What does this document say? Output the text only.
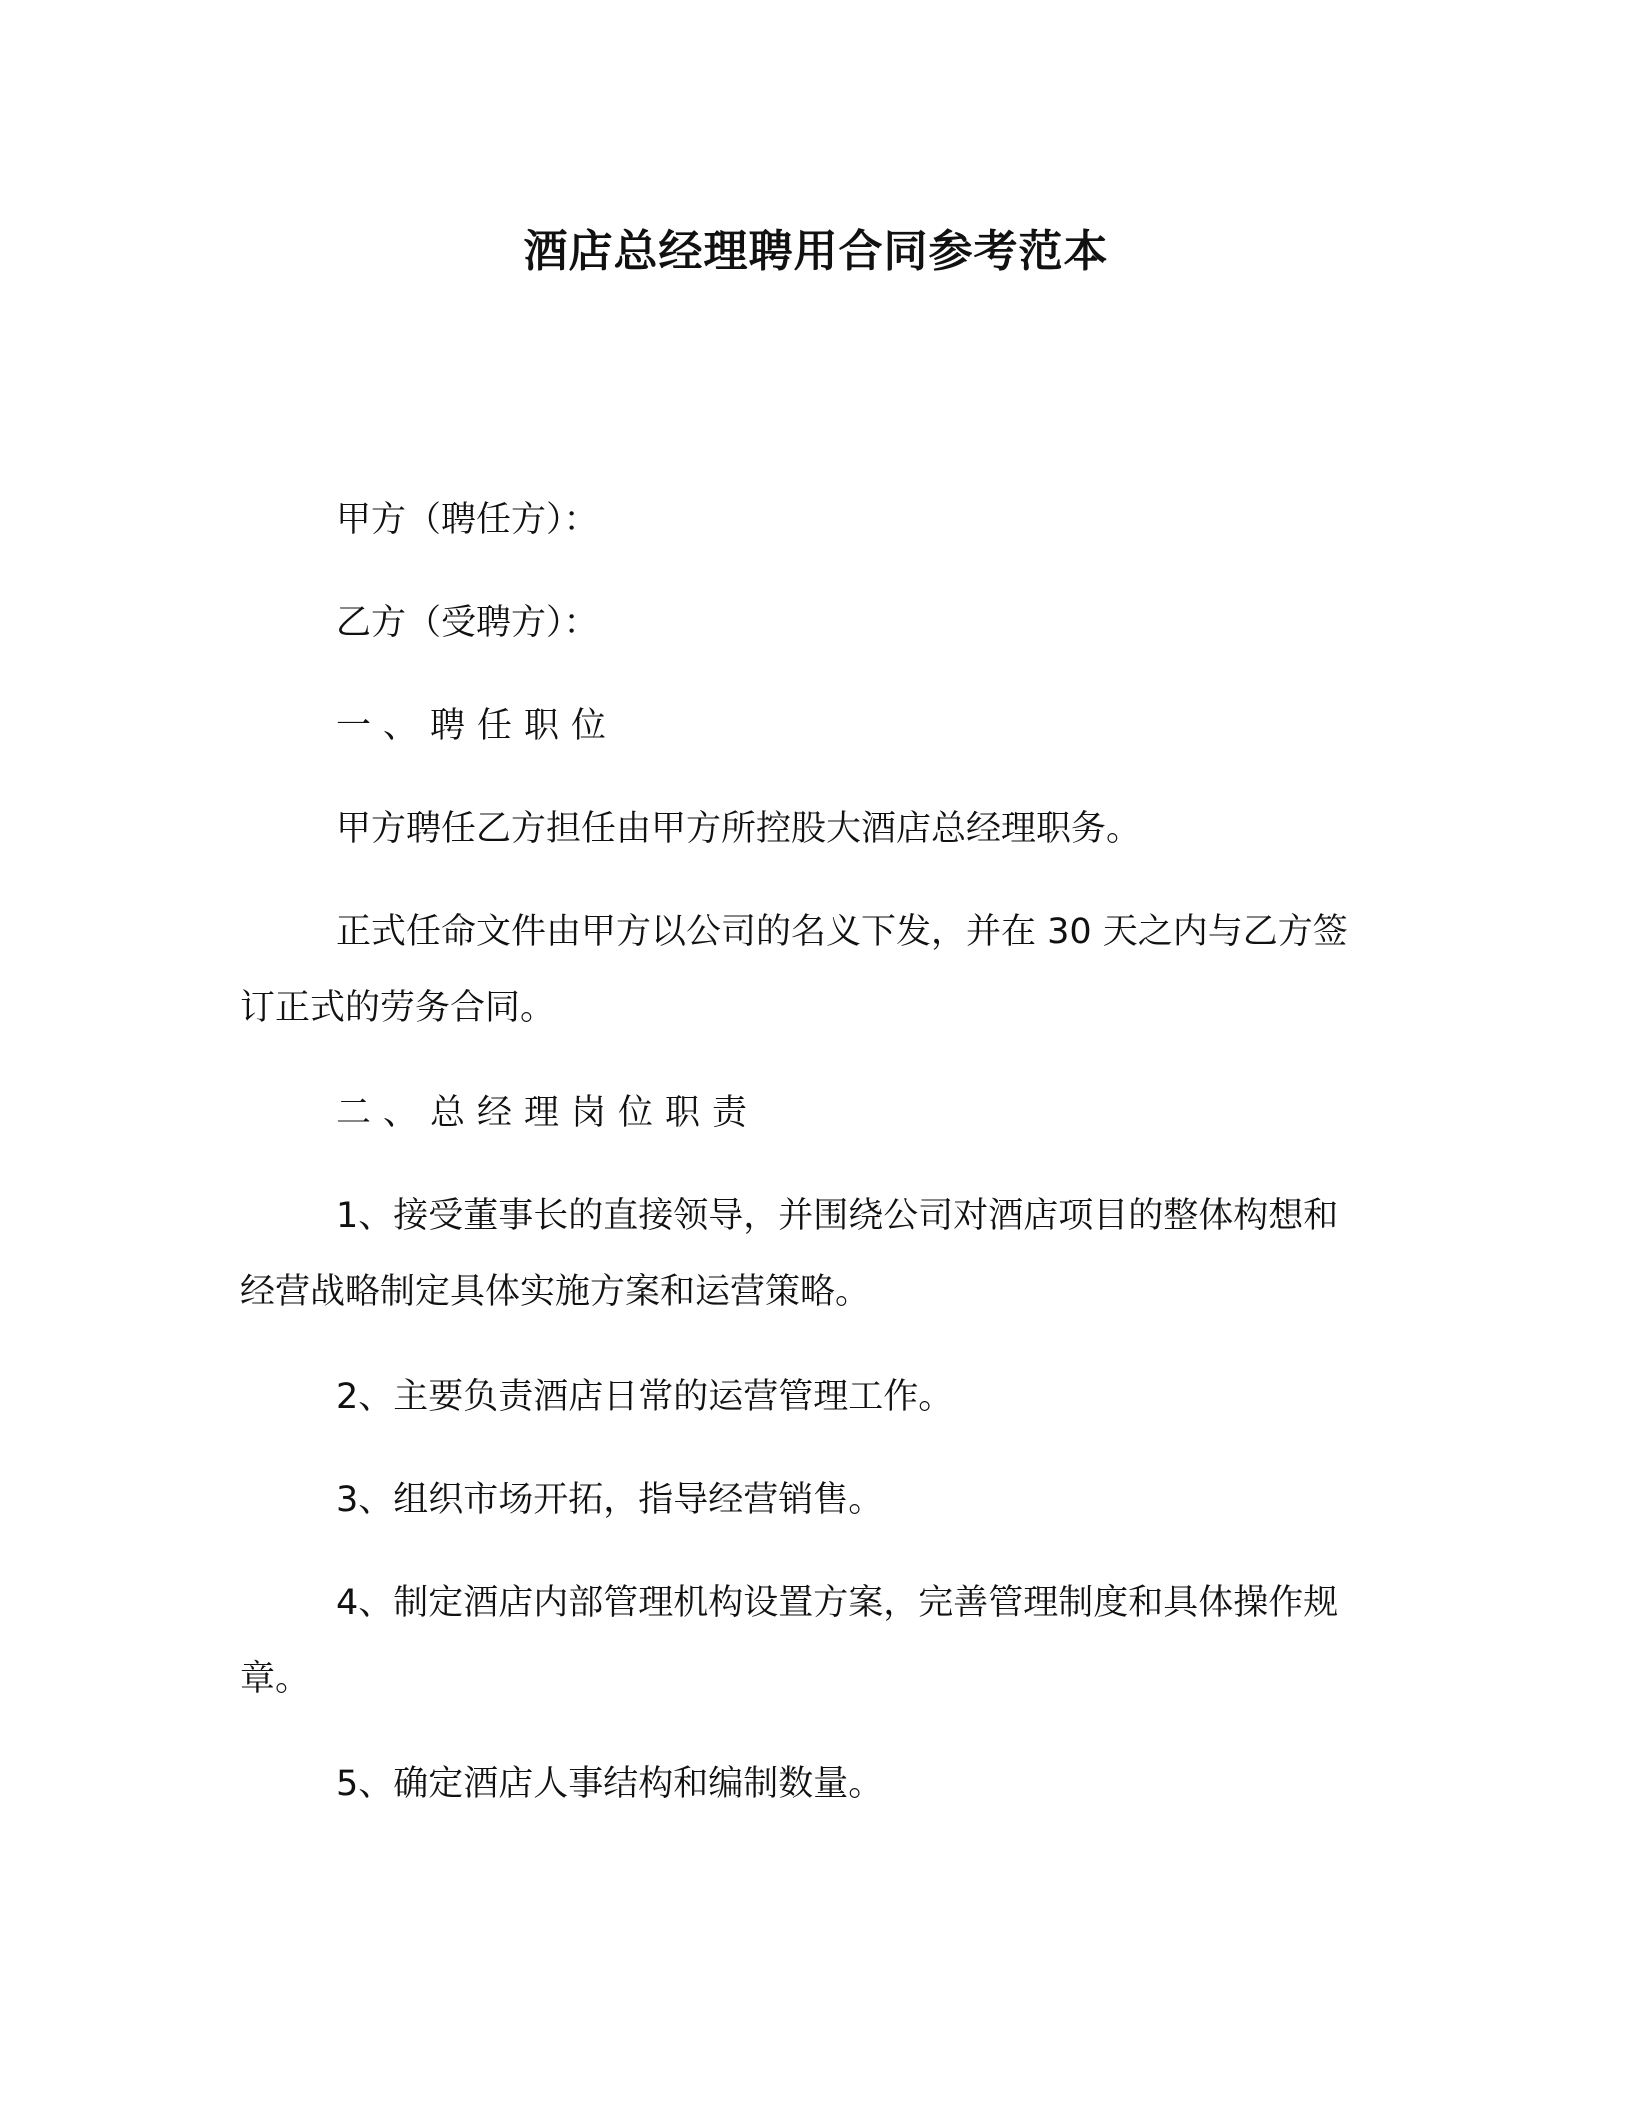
酒店总经理聘用合同参考范本
甲方（聘任方）：
乙方（受聘方）：
一、聘任职位
甲方聘任乙方担任由甲方所控股大酒店总经理职务。
正式任命文件由甲方以公司的名义下发，并在 30 天之内与乙方签订正式的劳务合同。
二、总经理岗位职责
1、接受董事长的直接领导，并围绕公司对酒店项目的整体构想和经营战略制定具体实施方案和运营策略。
2、主要负责酒店日常的运营管理工作。
3、组织市场开拓，指导经营销售。
4、制定酒店内部管理机构设置方案，完善管理制度和具体操作规章。
5、确定酒店人事结构和编制数量。
